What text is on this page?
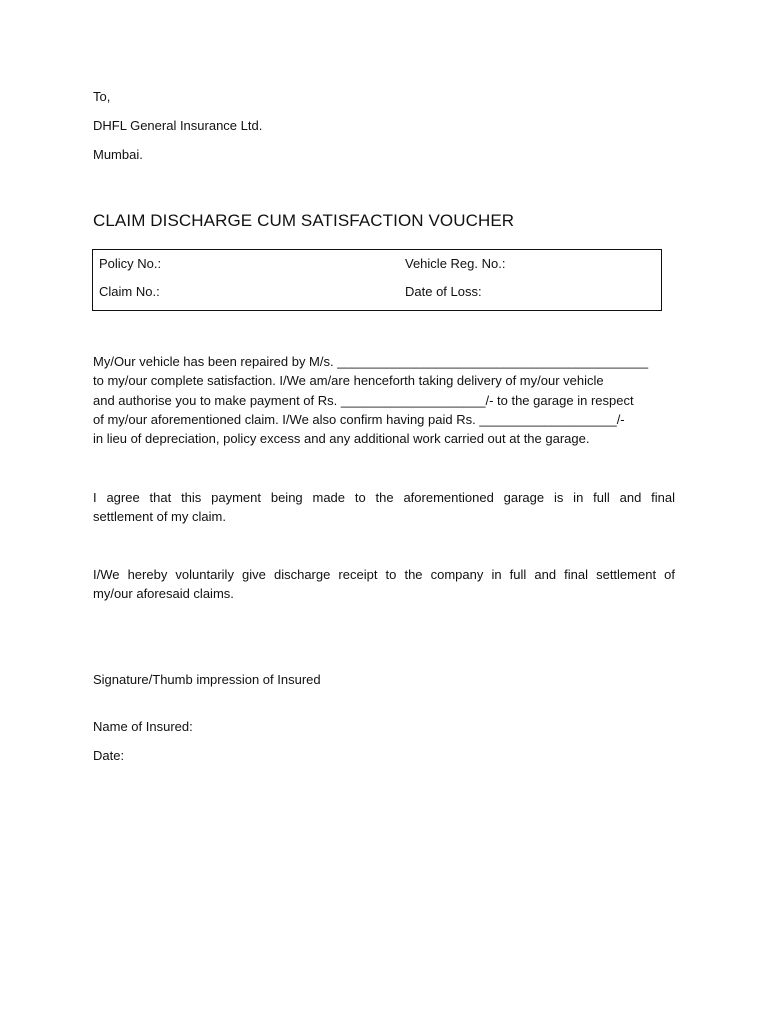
To,
DHFL General Insurance Ltd.
Mumbai.
CLAIM DISCHARGE CUM SATISFACTION VOUCHER
Policy No.:	Vehicle Reg. No.:
Claim No.:	Date of Loss:
My/Our vehicle has been repaired by M/s. ___________________________________________
to my/our complete satisfaction. I/We am/are henceforth taking delivery of my/our vehicle
and authorise you to make payment of Rs. ____________________/- to the garage in respect
of my/our aforementioned claim. I/We also confirm having paid Rs. ___________________/-
in lieu of depreciation, policy excess and any additional work carried out at the garage.
I agree that this payment being made to the aforementioned garage is in full and final
settlement of my claim.
I/We hereby voluntarily give discharge receipt to the company in full and final settlement of
my/our aforesaid claims.
Signature/Thumb impression of Insured
Name of Insured:
Date:
